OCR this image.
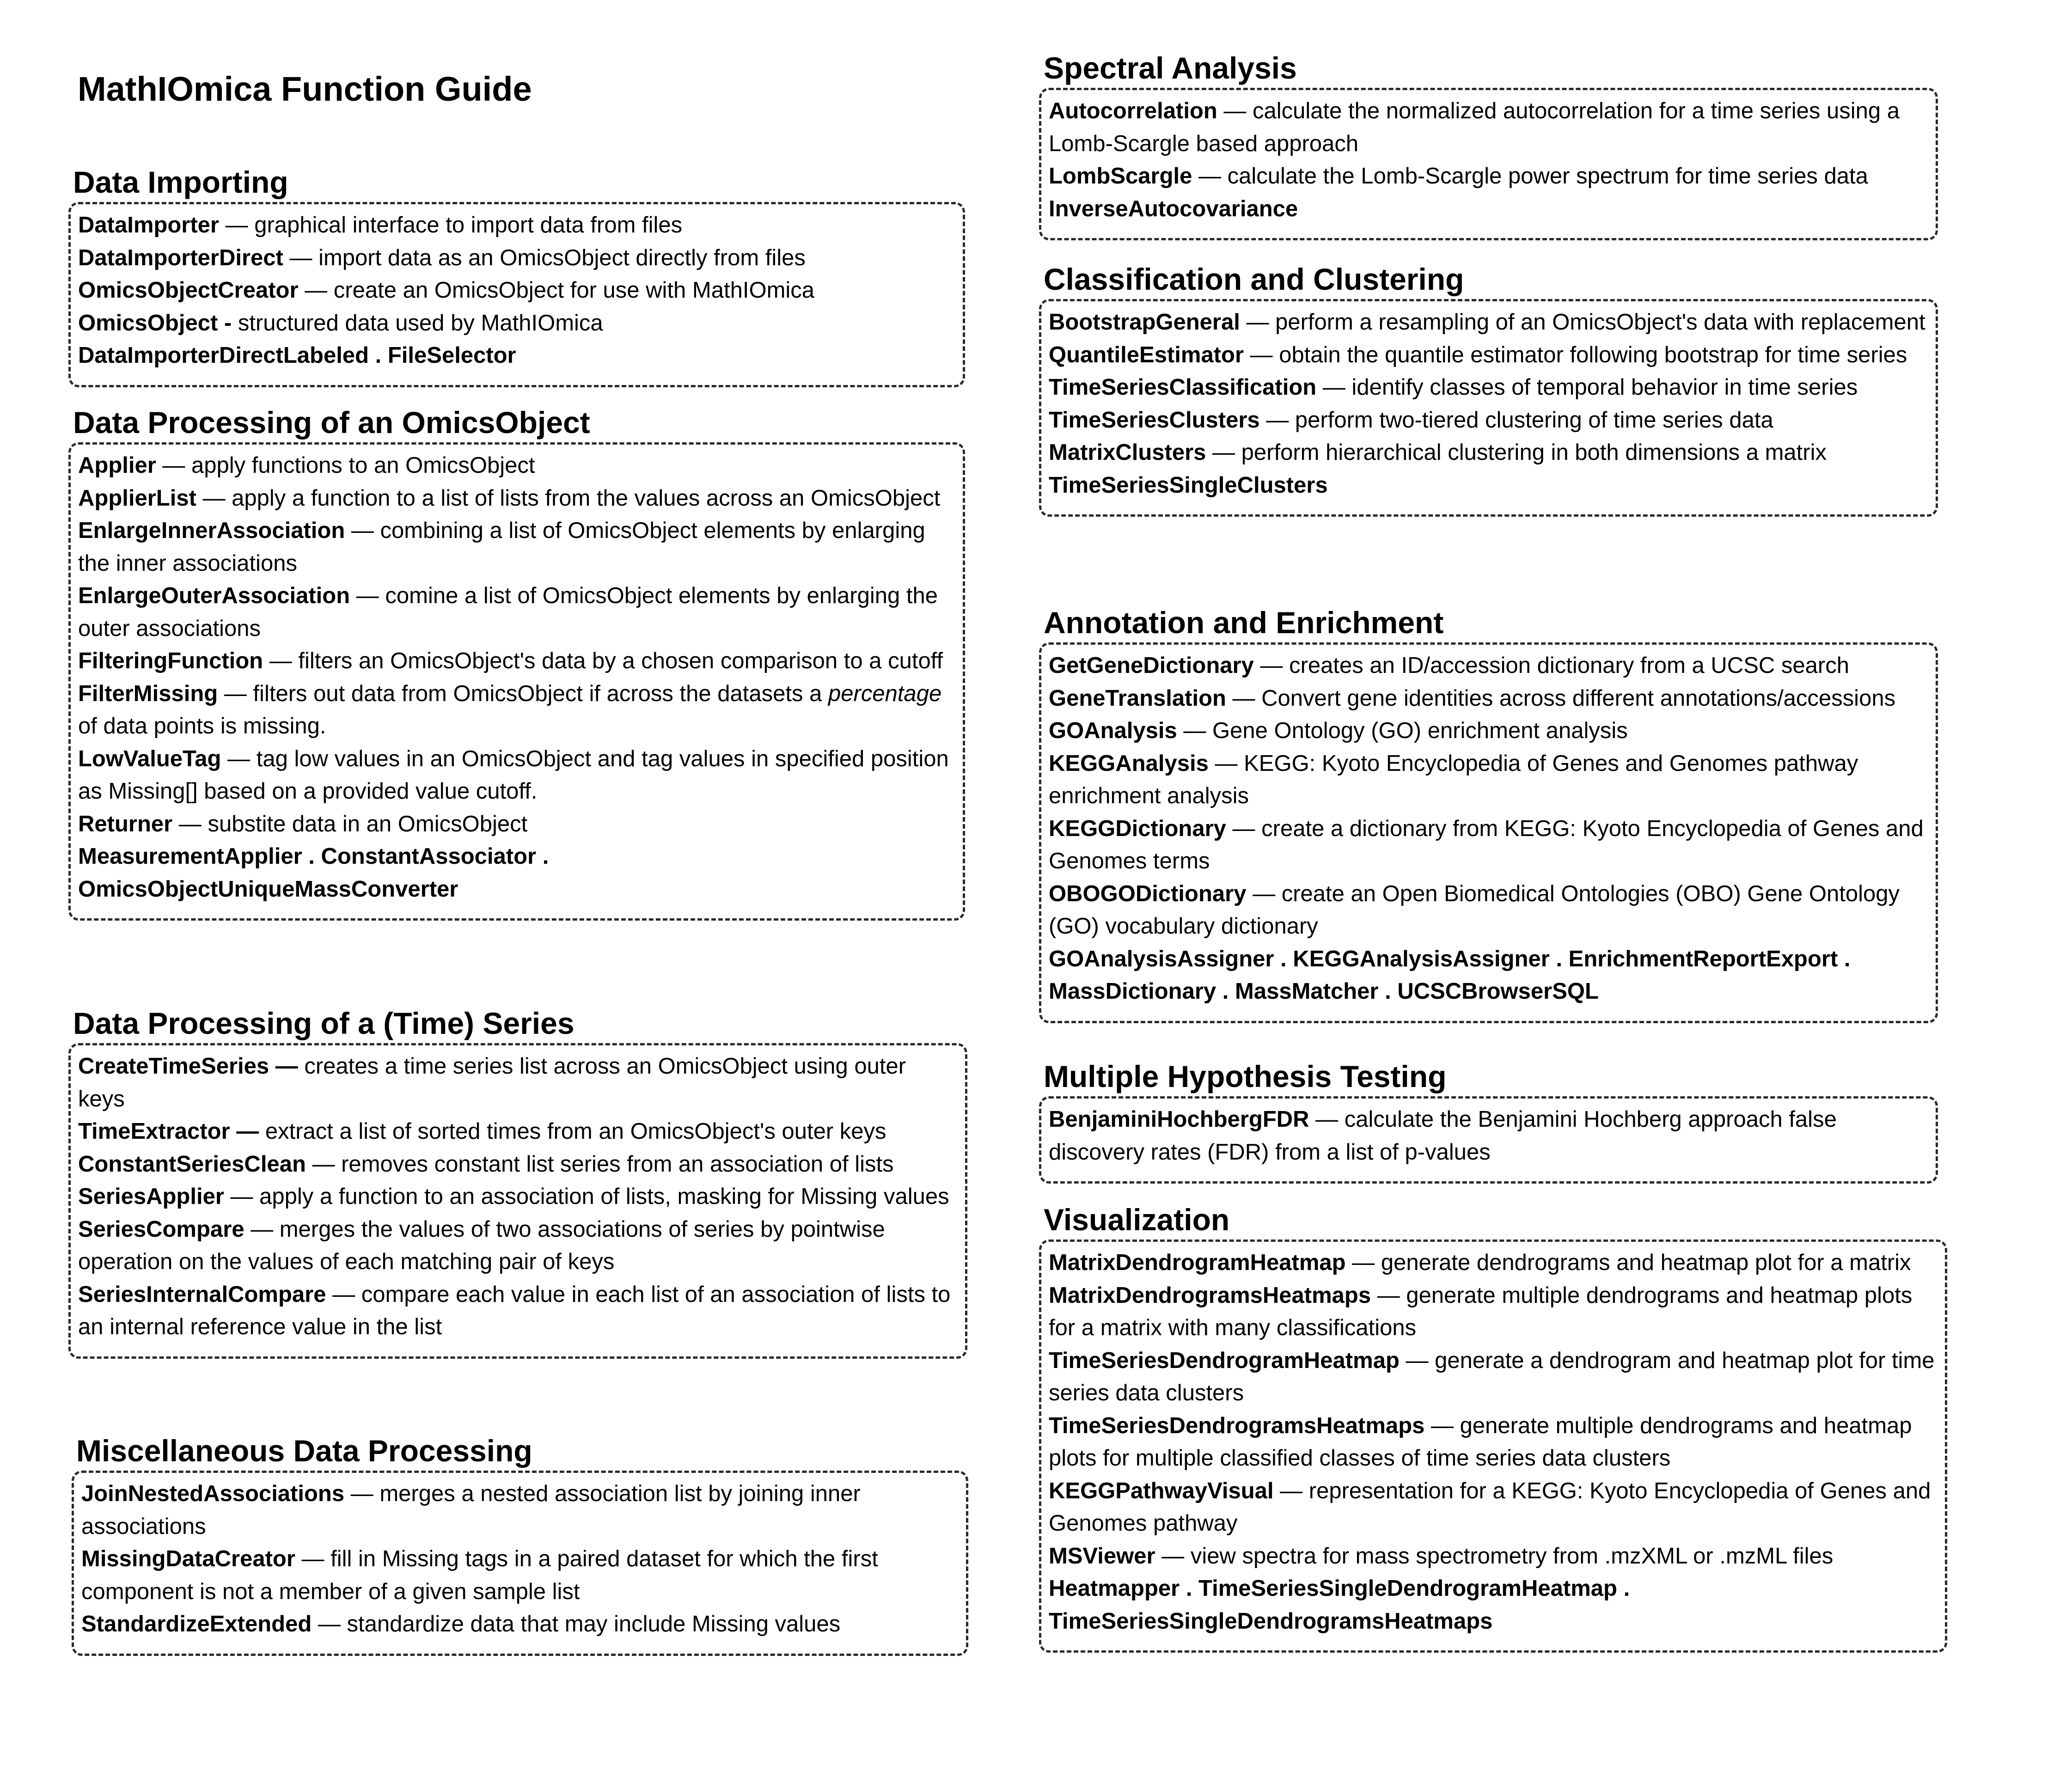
MathIOmica Function Guide
Data Importing

DataImporter — graphical interface to import data from files

DataImporterDirect — import data as an OmicsObject directly from files

OmicsObjectCreator — create an OmicsObject for use with MathIOmica

OmicsObject - structured data used by MathIOmica

DataImporterDirectLabeled . FileSelector

Data Processing of an OmicsObject

Applier — apply functions to an OmicsObject

ApplierList — apply a function to a list of lists from the values across an OmicsObject

EnlargeInnerAssociation — combining a list of OmicsObject elements by enlarging the inner associations

EnlargeOuterAssociation — comine a list of OmicsObject elements by enlarging the outer associations

FilteringFunction — filters an OmicsObject's data by a chosen comparison to a cutoff

FilterMissing — filters out data from OmicsObject if across the datasets a percentage of data points is missing.

LowValueTag — tag low values in an OmicsObject and tag values in specified position as Missing[] based on a provided value cutoff.

Returner — substite data in an OmicsObject

MeasurementApplier . ConstantAssociator . OmicsObjectUniqueMassConverter

Data Processing of a (Time) Series

CreateTimeSeries — creates a time series list across an OmicsObject using outer keys

TimeExtractor — extract a list of sorted times from an OmicsObject's outer keys

ConstantSeriesClean — removes constant list series from an association of lists

SeriesApplier — apply a function to an association of lists, masking for Missing values

SeriesCompare — merges the values of two associations of series by pointwise operation on the values of each matching pair of keys

SeriesInternalCompare — compare each value in each list of an association of lists to an internal reference value in the list

Miscellaneous Data Processing

JoinNestedAssociations — merges a nested association list by joining inner associations

MissingDataCreator — fill in Missing tags in a paired dataset for which the first component is not a member of a given sample list

StandardizeExtended — standardize data that may include Missing values

Spectral Analysis

Autocorrelation — calculate the normalized autocorrelation for a time series using a Lomb-Scargle based approach

LombScargle — calculate the Lomb-Scargle power spectrum for time series data

InverseAutocovariance

Classification and Clustering

BootstrapGeneral — perform a resampling of an OmicsObject's data with replacement

QuantileEstimator — obtain the quantile estimator following bootstrap for time series

TimeSeriesClassification — identify classes of temporal behavior in time series

TimeSeriesClusters — perform two-tiered clustering of time series data

MatrixClusters — perform hierarchical clustering in both dimensions a matrix

TimeSeriesSingleClusters

Annotation and Enrichment

GetGeneDictionary — creates an ID/accession dictionary from a UCSC search

GeneTranslation — Convert gene identities across different annotations/accessions

GOAnalysis — Gene Ontology (GO) enrichment analysis

KEGGAnalysis — KEGG: Kyoto Encyclopedia of Genes and Genomes pathway enrichment analysis

KEGGDictionary — create a dictionary from KEGG: Kyoto Encyclopedia of Genes and Genomes terms

OBOGODictionary — create an Open Biomedical Ontologies (OBO) Gene Ontology (GO) vocabulary dictionary

GOAnalysisAssigner . KEGGAnalysisAssigner . EnrichmentReportExport . MassDictionary . MassMatcher . UCSCBrowserSQL

Multiple Hypothesis Testing

BenjaminiHochbergFDR — calculate the Benjamini Hochberg approach false discovery rates (FDR) from a list of p-values

Visualization

MatrixDendrogramHeatmap — generate dendrograms and heatmap plot for a matrix

MatrixDendrogramsHeatmaps — generate multiple dendrograms and heatmap plots for a matrix with many classifications

TimeSeriesDendrogramHeatmap — generate a dendrogram and heatmap plot for time series data clusters

TimeSeriesDendrogramsHeatmaps — generate multiple dendrograms and heatmap plots for multiple classified classes of time series data clusters

KEGGPathwayVisual — representation for a KEGG: Kyoto Encyclopedia of Genes and Genomes pathway

MSViewer — view spectra for mass spectrometry from .mzXML or .mzML files

Heatmapper . TimeSeriesSingleDendrogramHeatmap . TimeSeriesSingleDendrogramsHeatmaps
